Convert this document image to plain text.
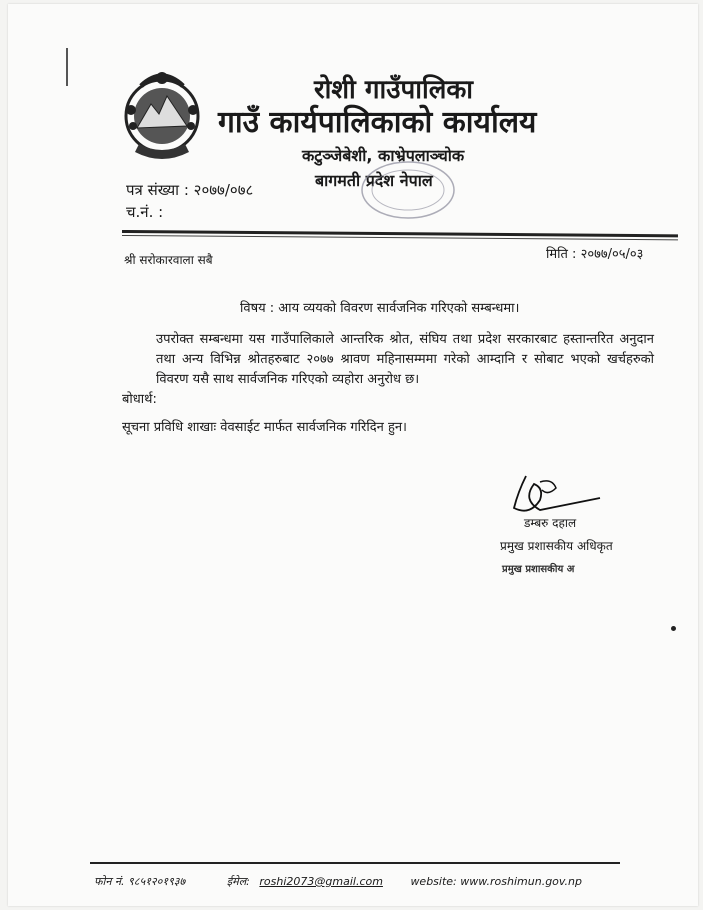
रोशी गाउँपालिका
गाउँ कार्यपालिकाको कार्यालय
कटुञ्जेबेशी, काभ्रेपलाञ्चोक
बागमती प्रदेश नेपाल
पत्र संख्या : २०७७/०७८
च.नं. :
मिति : २०७७/०५/०३
श्री सरोकारवाला सबै
विषय : आय व्ययको विवरण सार्वजनिक गरिएको सम्बन्धमा।
उपरोक्त सम्बन्धमा यस गाउँपालिकाले आन्तरिक श्रोत, संघिय तथा प्रदेश सरकारबाट हस्तान्तरित अनुदान तथा अन्य विभिन्न श्रोतहरुबाट २०७७ श्रावण महिनासम्ममा गरेको आम्दानि र सोबाट भएको खर्चहरुको विवरण यसै साथ सार्वजनिक गरिएको व्यहोरा अनुरोध छ।
बोधार्थ:
सूचना प्रविधि शाखाः वेवसाईट मार्फत सार्वजनिक गरिदिन हुन।
डम्बरु दहाल
प्रमुख प्रशासकीय अधिकृत
प्रमुख प्रशासकीय अ
फोन नं. ९८५१२०१९३७	ईमेल: roshi2073@gmail.com	website: www.roshimun.gov.np
